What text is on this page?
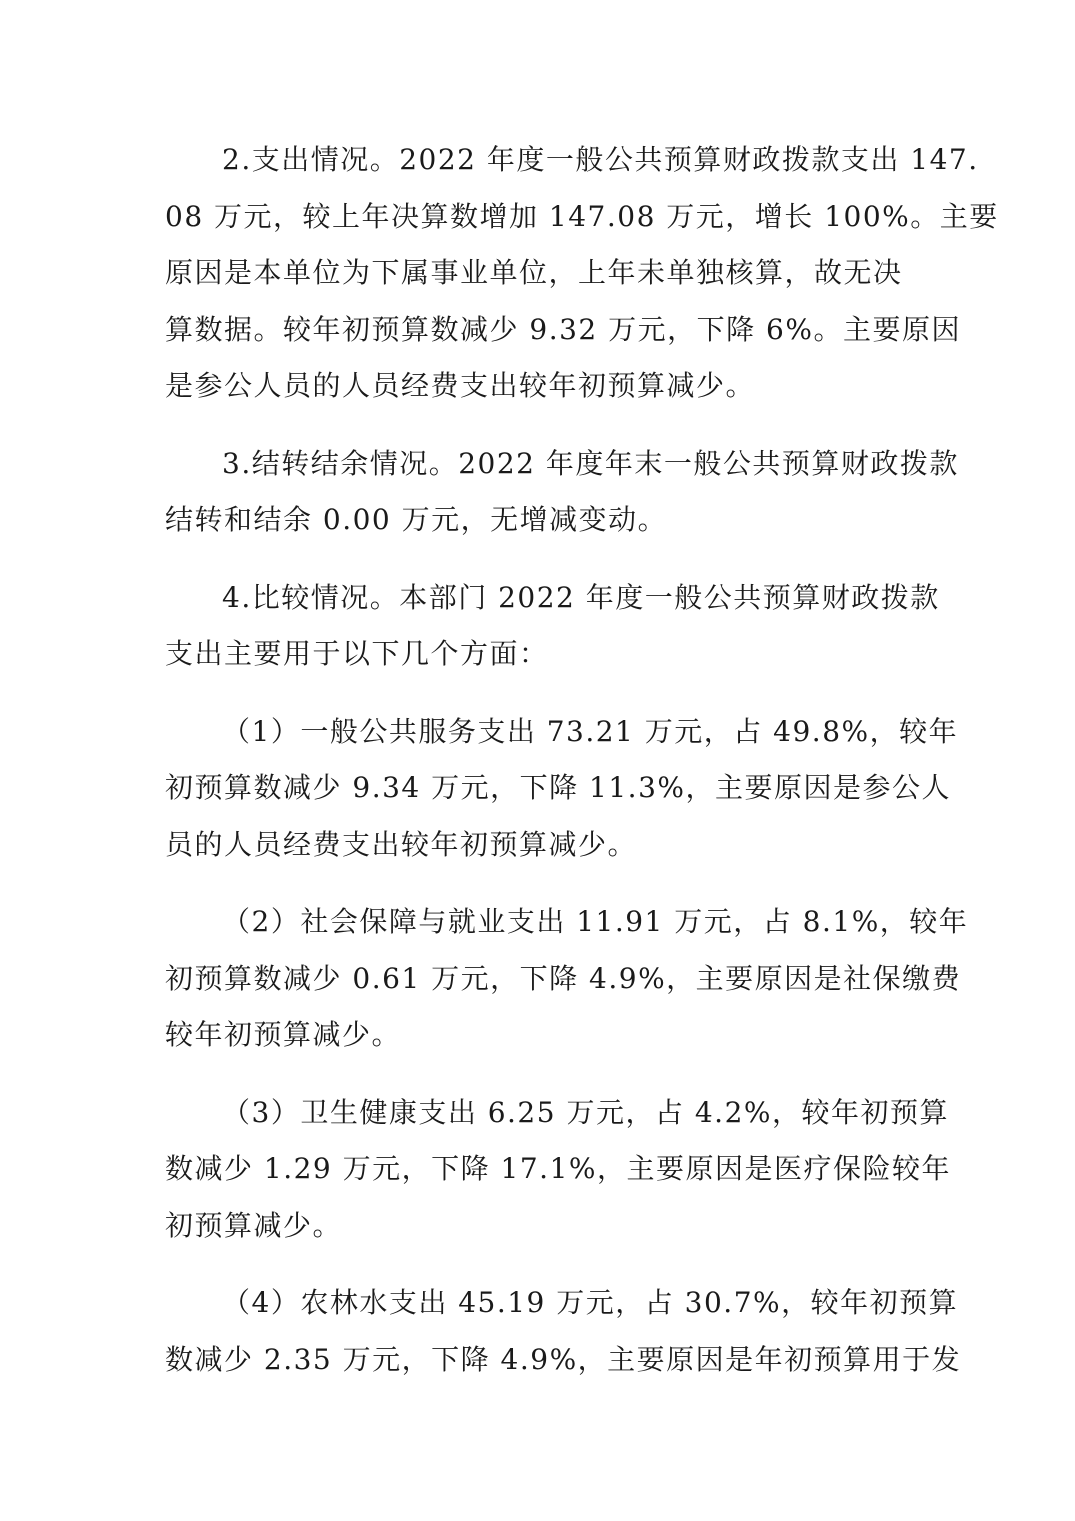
2.支出情况。2022 年度一般公共预算财政拨款支出 147.
08 万元，较上年决算数增加 147.08 万元，增长 100%。主要
原因是本单位为下属事业单位，上年未单独核算，故无决
算数据。较年初预算数减少 9.32 万元，下降 6%。主要原因
是参公人员的人员经费支出较年初预算减少。

3.结转结余情况。2022 年度年末一般公共预算财政拨款
结转和结余 0.00 万元，无增减变动。

4.比较情况。本部门 2022 年度一般公共预算财政拨款
支出主要用于以下几个方面：

（1）一般公共服务支出 73.21 万元，占 49.8%，较年
初预算数减少 9.34 万元，下降 11.3%，主要原因是参公人
员的人员经费支出较年初预算减少。

（2）社会保障与就业支出 11.91 万元，占 8.1%，较年
初预算数减少 0.61 万元，下降 4.9%，主要原因是社保缴费
较年初预算减少。

（3）卫生健康支出 6.25 万元，占 4.2%，较年初预算
数减少 1.29 万元，下降 17.1%，主要原因是医疗保险较年
初预算减少。

（4）农林水支出 45.19 万元，占 30.7%，较年初预算
数减少 2.35 万元，下降 4.9%，主要原因是年初预算用于发
